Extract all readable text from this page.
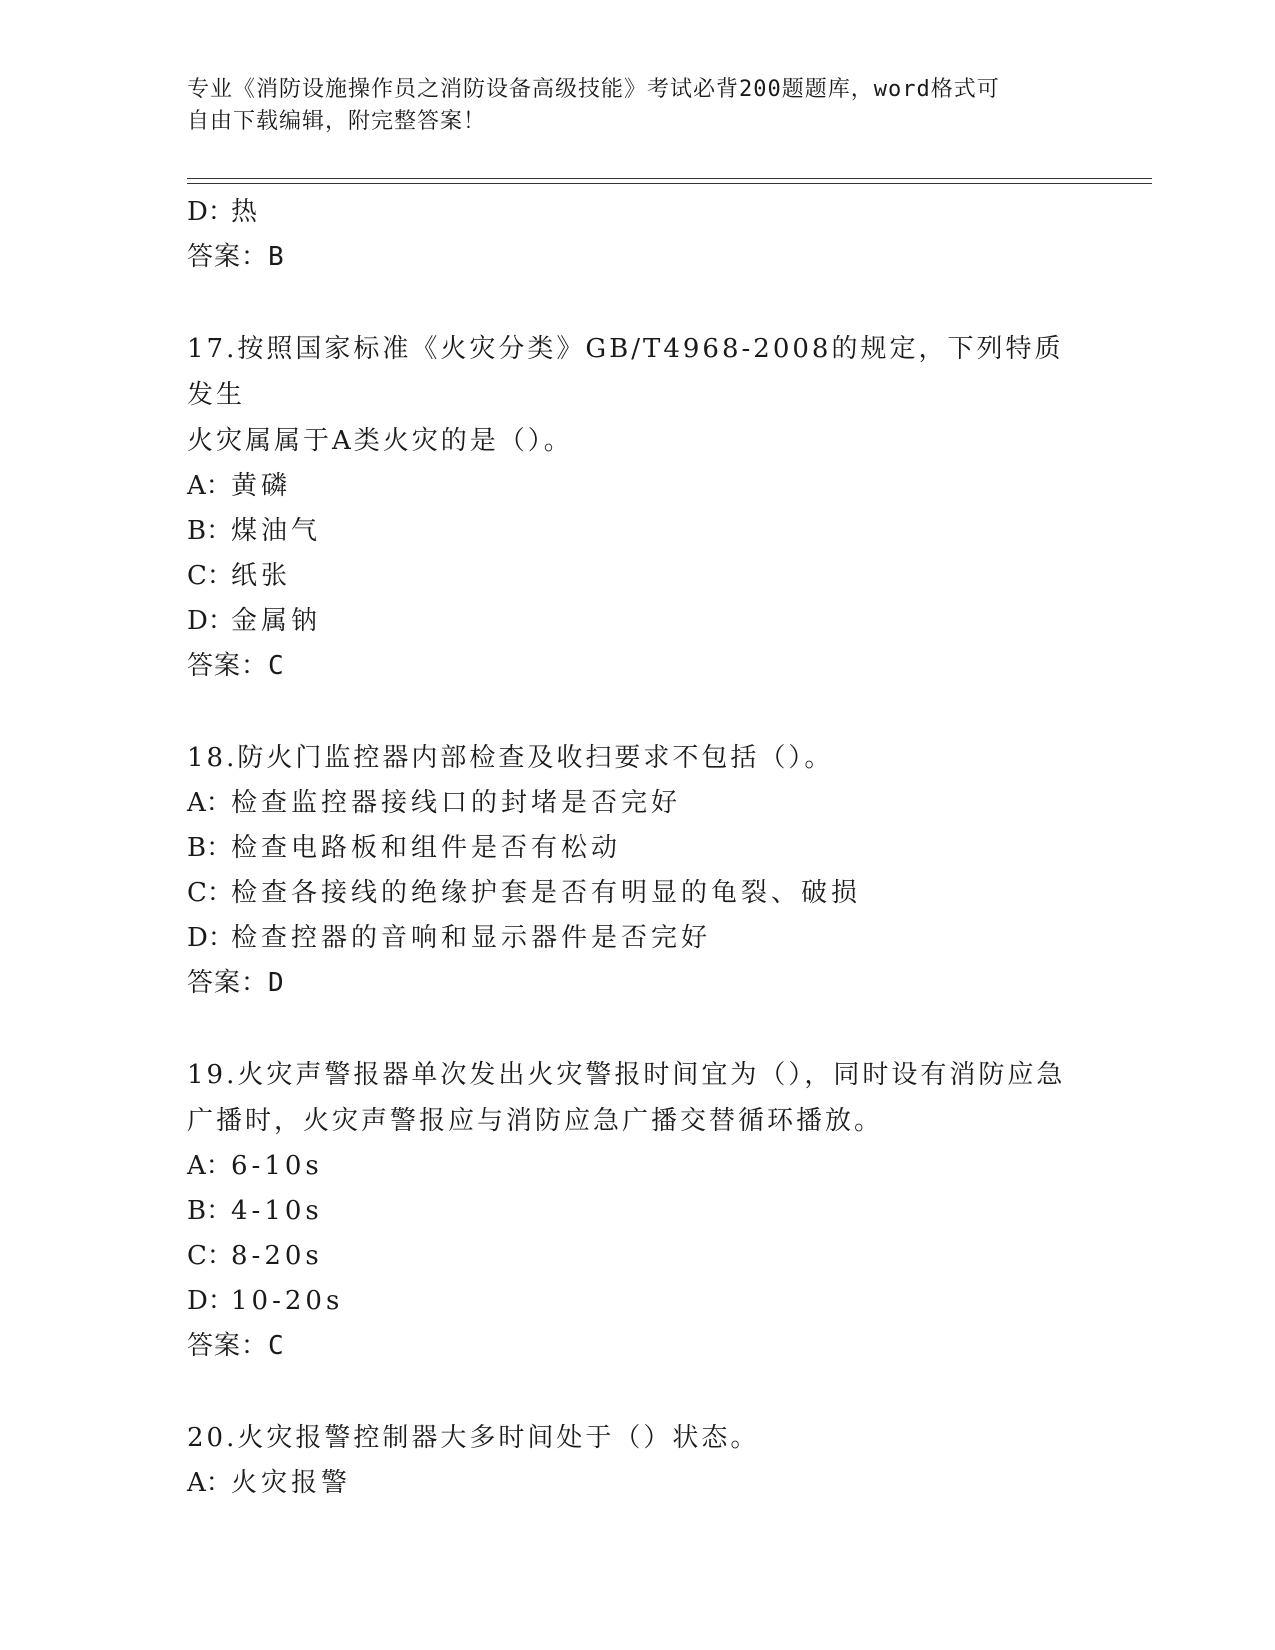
专业《消防设施操作员之消防设备高级技能》考试必背200题题库，word格式可
自由下载编辑，附完整答案！
D：热
答案：B
17.按照国家标准《火灾分类》GB/T4968-2008的规定，下列特质发生
火灾属属于A类火灾的是（）。
A：黄磷
B：煤油气
C：纸张
D：金属钠
答案：C
18.防火门监控器内部检查及收扫要求不包括（）。
A：检查监控器接线口的封堵是否完好
B：检查电路板和组件是否有松动
C：检查各接线的绝缘护套是否有明显的龟裂、破损
D：检查控器的音响和显示器件是否完好
答案：D
19.火灾声警报器单次发出火灾警报时间宜为（），同时设有消防应急
广播时，火灾声警报应与消防应急广播交替循环播放。
A：6-10s
B：4-10s
C：8-20s
D：10-20s
答案：C
20.火灾报警控制器大多时间处于（）状态。
A：火灾报警
